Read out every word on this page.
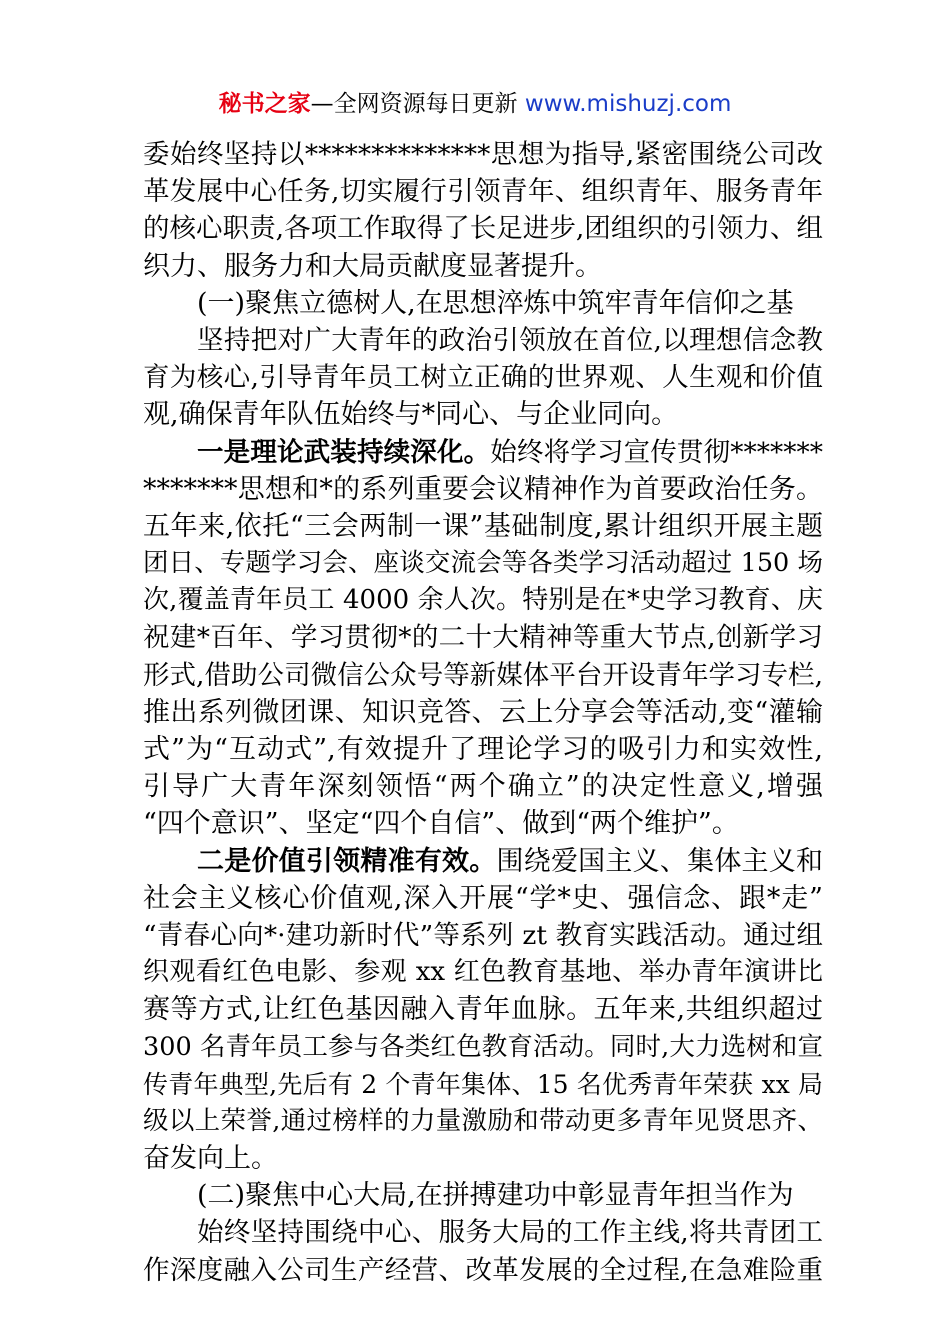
秘书之家—全网资源每日更新 www.mishuzj.com
委始终坚持以**************思想为指导,紧密围绕公司改
革发展中心任务,切实履行引领青年、组织青年、服务青年
的核心职责,各项工作取得了长足进步,团组织的引领力、组
织力、服务力和大局贡献度显著提升。
(一)聚焦立德树人,在思想淬炼中筑牢青年信仰之基
坚持把对广大青年的政治引领放在首位,以理想信念教
育为核心,引导青年员工树立正确的世界观、人生观和价值
观,确保青年队伍始终与*同心、与企业同向。
一是理论武装持续深化。始终将学习宣传贯彻*******
*******思想和*的系列重要会议精神作为首要政治任务。
五年来,依托“三会两制一课”基础制度,累计组织开展主题
团日、专题学习会、座谈交流会等各类学习活动超过 150 场
次,覆盖青年员工 4000 余人次。特别是在*史学习教育、庆
祝建*百年、学习贯彻*的二十大精神等重大节点,创新学习
形式,借助公司微信公众号等新媒体平台开设青年学习专栏,
推出系列微团课、知识竞答、云上分享会等活动,变“灌输
式”为“互动式”,有效提升了理论学习的吸引力和实效性,
引导广大青年深刻领悟“两个确立”的决定性意义,增强
“四个意识”、坚定“四个自信”、做到“两个维护”。
二是价值引领精准有效。围绕爱国主义、集体主义和
社会主义核心价值观,深入开展“学*史、强信念、跟*走”
“青春心向*·建功新时代”等系列 zt 教育实践活动。通过组
织观看红色电影、参观 xx 红色教育基地、举办青年演讲比
赛等方式,让红色基因融入青年血脉。五年来,共组织超过
300 名青年员工参与各类红色教育活动。同时,大力选树和宣
传青年典型,先后有 2 个青年集体、15 名优秀青年荣获 xx 局
级以上荣誉,通过榜样的力量激励和带动更多青年见贤思齐、
奋发向上。
(二)聚焦中心大局,在拼搏建功中彰显青年担当作为
始终坚持围绕中心、服务大局的工作主线,将共青团工
作深度融入公司生产经营、改革发展的全过程,在急难险重
